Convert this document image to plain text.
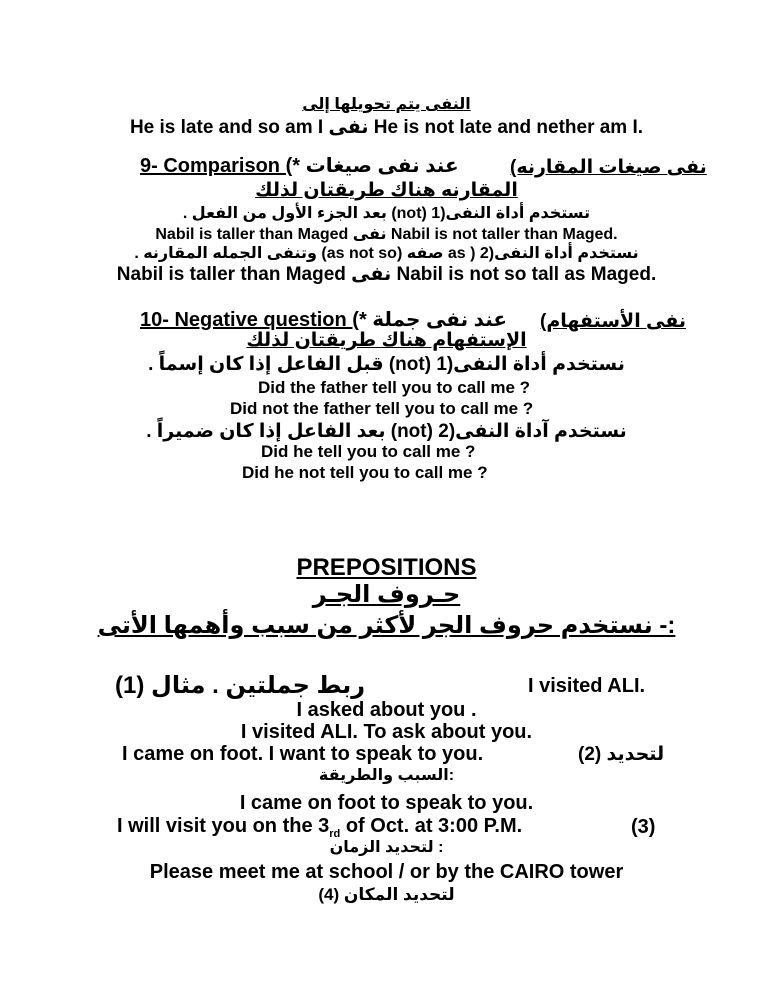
النفى يتم تحويلها إلى
He is late and so am I نفى He is not late and nether am I.
9- Comparison (عند نفى صيغات *	نفى صيغات المقارنه)
المقارنه هناك طريقتان لذلك
. بعد الجزء الأول من الفعل (not) تستخدم أداة النفى(1
Nabil is taller than Maged نفى Nabil is not taller than Maged.
. وتنفى الجمله المقارنه (as not so) صفه as ) نستخدم أداة النفى(2
Nabil is taller than Maged نفى Nabil is not so tall as Maged.
10- Negative question (عند نفى جملة * نفى الأستفهام)
الإستفهام هناك طريقتان لذلك
. قبل الفاعل إذا كان إسماً (not) نستخدم أداة النفى(1
Did the father tell you to call me ?
Did not the father tell you to call me ?
. بعد الفاعل إذا كان ضميراً (not) نستخدم آداة النفى(2
Did he tell you to call me ?
Did he not tell you to call me ?
PREPOSITIONS
حـروف الجـر
:- نستخدم حروف الجر لأكثر من سبب وأهمها الأتى
ربط جملتين . مثال (1)	I visited ALI.
I asked about you .
I visited ALI. To ask about you.
I came on foot. I want to speak to you.	لتحديد (2)
:السبب والطريقة
I came on foot to speak to you.
I will visit you on the $3_{rd}$ of Oct. at 3:00 P.M.	(3)
: لتحديد الزمان
Please meet me at school / or by the CAIRO tower
لتحديد المكان (4)
